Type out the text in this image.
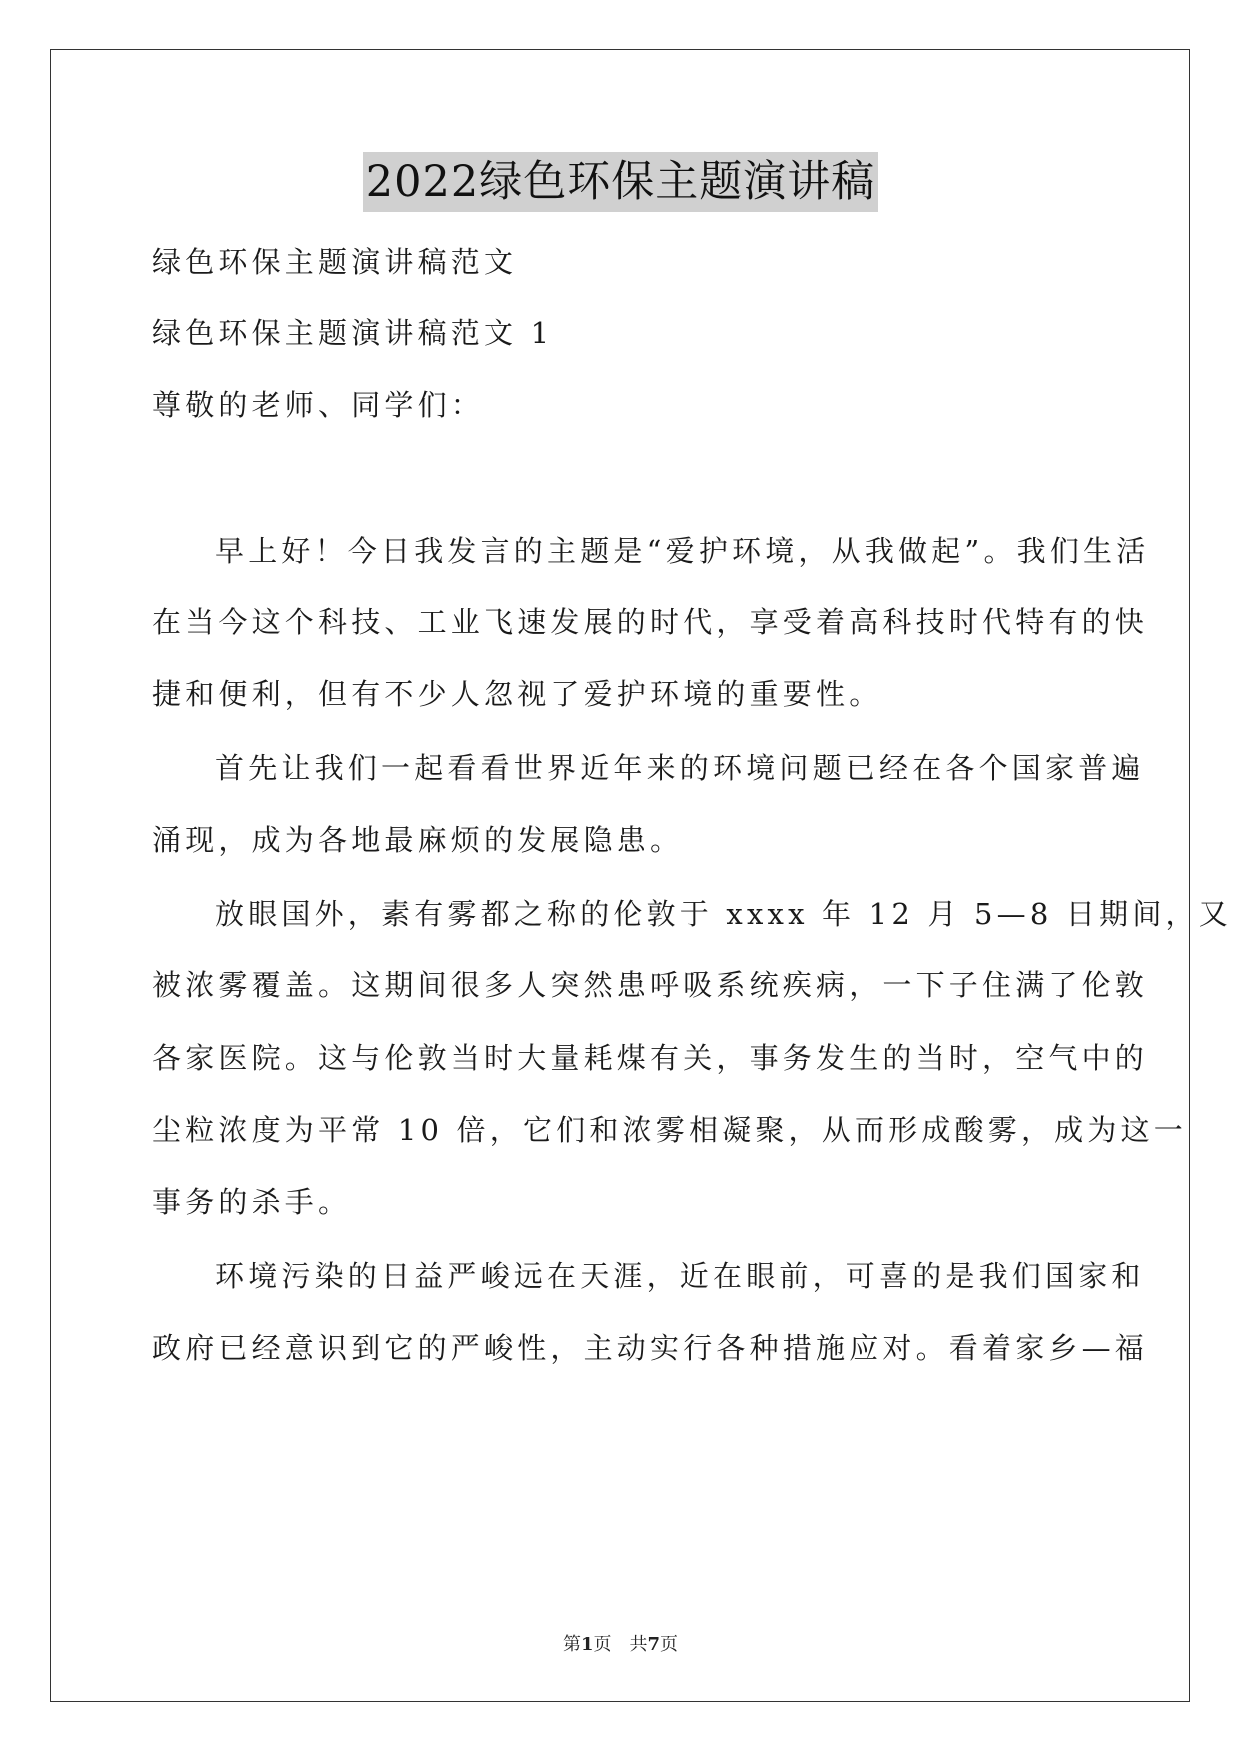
2022绿色环保主题演讲稿
绿色环保主题演讲稿范文
绿色环保主题演讲稿范文 1
尊敬的老师、同学们：
早上好！今日我发言的主题是“爱护环境，从我做起”。我们生活
在当今这个科技、工业飞速发展的时代，享受着高科技时代特有的快
捷和便利，但有不少人忽视了爱护环境的重要性。
首先让我们一起看看世界近年来的环境问题已经在各个国家普遍
涌现，成为各地最麻烦的发展隐患。
放眼国外，素有雾都之称的伦敦于 xxxx 年 12 月 5—8 日期间，又
被浓雾覆盖。这期间很多人突然患呼吸系统疾病，一下子住满了伦敦
各家医院。这与伦敦当时大量耗煤有关，事务发生的当时，空气中的
尘粒浓度为平常 10 倍，它们和浓雾相凝聚，从而形成酸雾，成为这一
事务的杀手。
环境污染的日益严峻远在天涯，近在眼前，可喜的是我们国家和
政府已经意识到它的严峻性，主动实行各种措施应对。看着家乡—福
第1页　共7页
